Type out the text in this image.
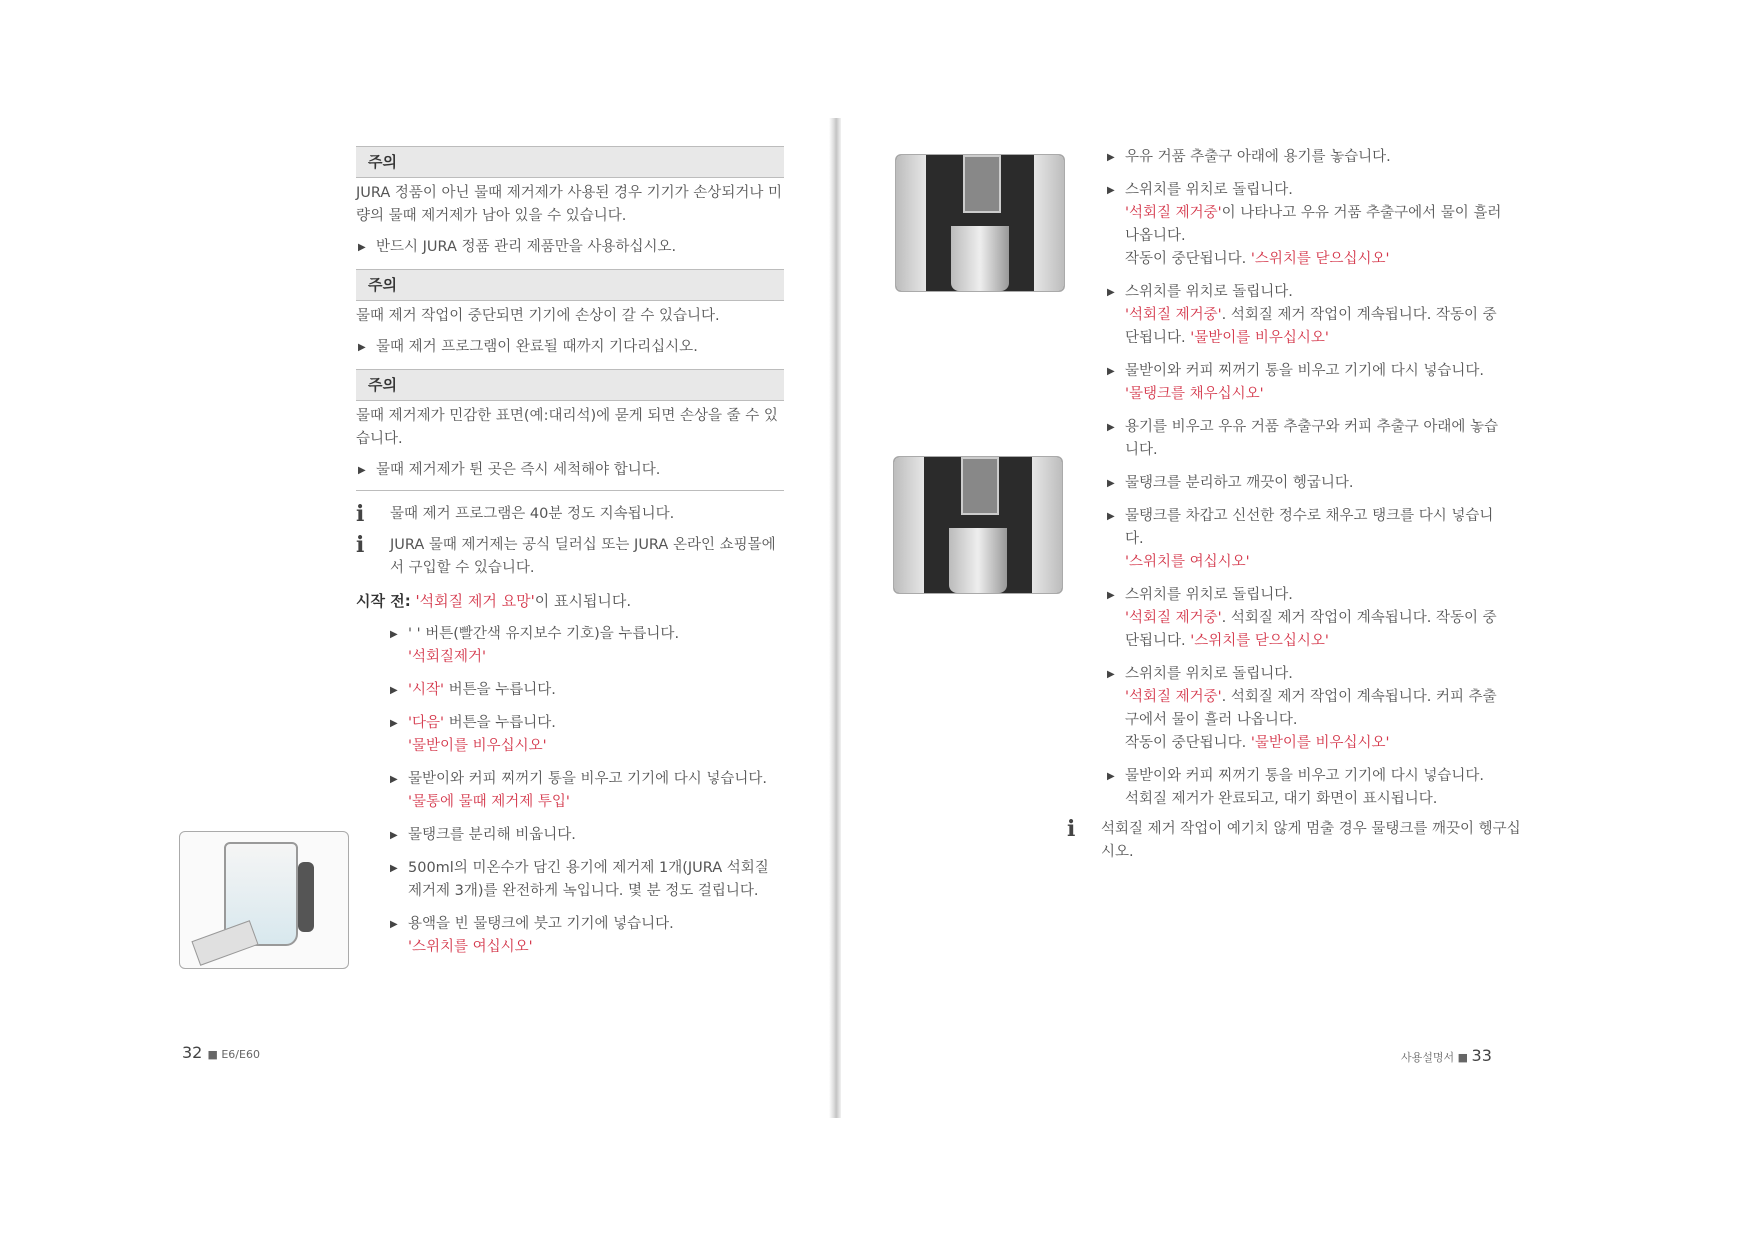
주의
JURA 정품이 아닌 물때 제거제가 사용된 경우 기기가 손상되거나 미량의 물때 제거제가 남아 있을 수 있습니다.
▶ 반드시 JURA 정품 관리 제품만을 사용하십시오.
주의
물때 제거 작업이 중단되면 기기에 손상이 갈 수 있습니다.
▶ 물때 제거 프로그램이 완료될 때까지 기다리십시오.
주의
물때 제거제가 민감한 표면(예:대리석)에 묻게 되면 손상을 줄 수 있습니다.
▶ 물때 제거제가 튄 곳은 즉시 세척해야 합니다.
i 물때 제거 프로그램은 40분 정도 지속됩니다.
i JURA 물때 제거제는 공식 딜러십 또는 JURA 온라인 쇼핑몰에서 구입할 수 있습니다.
시작 전: '석회질 제거 요망'이 표시됩니다.
▶ ' ' 버튼(빨간색 유지보수 기호)을 누릅니다.
'석회질제거'
▶ '시작' 버튼을 누릅니다.
▶ '다음' 버튼을 누릅니다.
'물받이를 비우십시오'
▶ 물받이와 커피 찌꺼기 통을 비우고 기기에 다시 넣습니다.
'물통에 물때 제거제 투입'
▶ 물탱크를 분리해 비웁니다.
▶ 500ml의 미온수가 담긴 용기에 제거제 1개(JURA 석회질 제거제 3개)를 완전하게 녹입니다. 몇 분 정도 걸립니다.
▶ 용액을 빈 물탱크에 붓고 기기에 넣습니다.
'스위치를 여십시오'
32 ■ E6/E60
▶ 우유 거품 추출구 아래에 용기를 놓습니다.
▶ 스위치를 위치로 돌립니다.
'석회질 제거중'이 나타나고 우유 거품 추출구에서 물이 흘러나옵니다.
작동이 중단됩니다. '스위치를 닫으십시오'
▶ 스위치를 위치로 돌립니다.
'석회질 제거중'. 석회질 제거 작업이 계속됩니다. 작동이 중단됩니다. '물받이를 비우십시오'
▶ 물받이와 커피 찌꺼기 통을 비우고 기기에 다시 넣습니다.
'물탱크를 채우십시오'
▶ 용기를 비우고 우유 거품 추출구와 커피 추출구 아래에 놓습니다.
▶ 물탱크를 분리하고 깨끗이 헹굽니다.
▶ 물탱크를 차갑고 신선한 정수로 채우고 탱크를 다시 넣습니다.
'스위치를 여십시오'
▶ 스위치를 위치로 돌립니다.
'석회질 제거중'. 석회질 제거 작업이 계속됩니다. 작동이 중단됩니다. '스위치를 닫으십시오'
▶ 스위치를 위치로 돌립니다.
'석회질 제거중'. 석회질 제거 작업이 계속됩니다. 커피 추출구에서 물이 흘러 나옵니다.
작동이 중단됩니다. '물받이를 비우십시오'
▶ 물받이와 커피 찌꺼기 통을 비우고 기기에 다시 넣습니다.
석회질 제거가 완료되고, 대기 화면이 표시됩니다.
i 석회질 제거 작업이 예기치 않게 멈출 경우 물탱크를 깨끗이 헹구십시오.
사용설명서 ■ 33
